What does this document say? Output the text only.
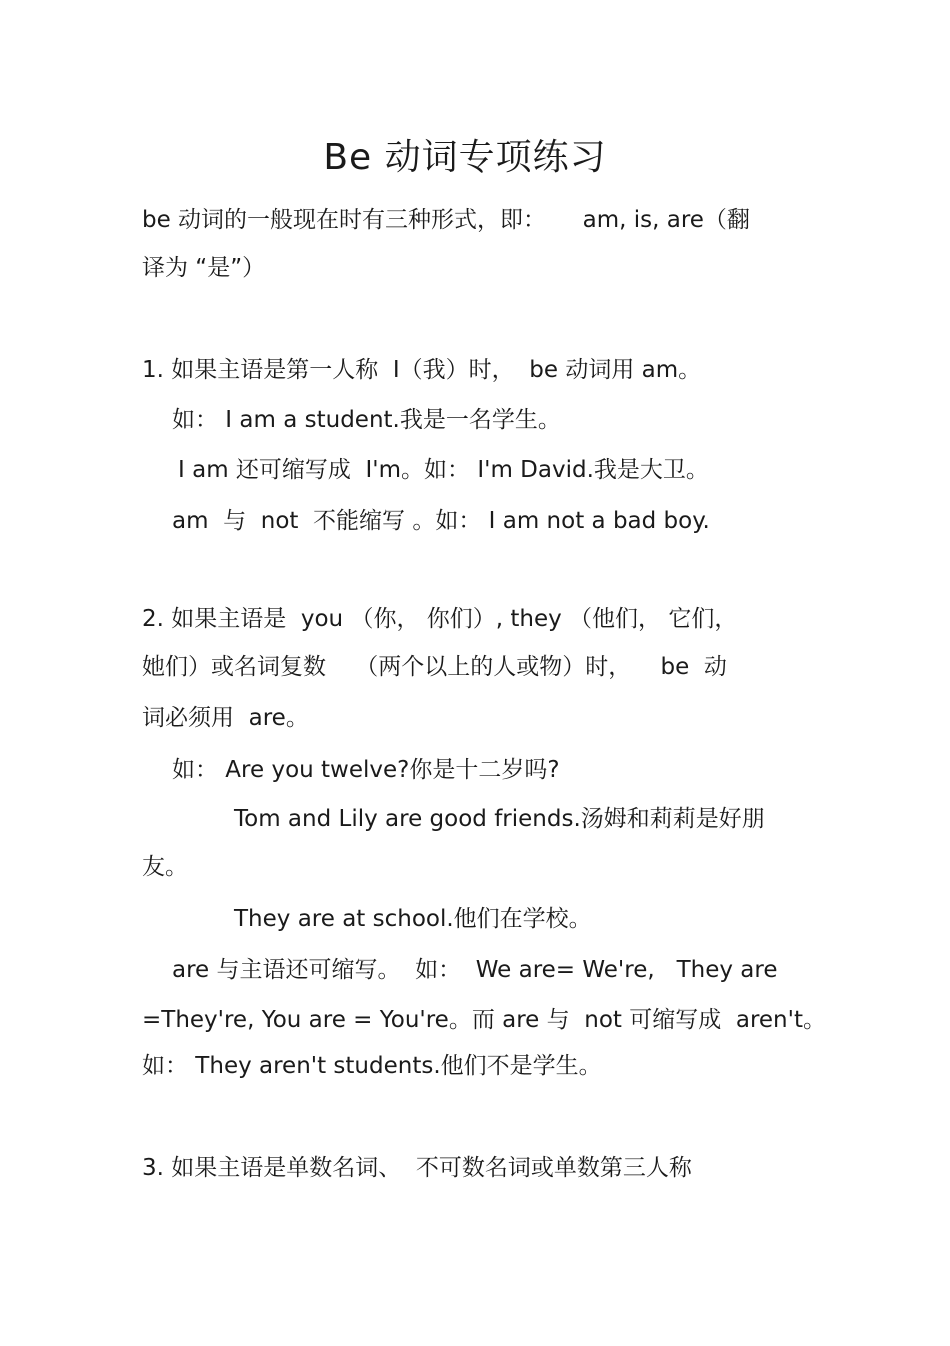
Be 动词专项练习
be 动词的一般现在时有三种形式，即：     am, is, are（翻
译为 “是”）
1. 如果主语是第一人称  I（我）时，  be 动词用 am。
如： I am a student.我是一名学生。
I am 还可缩写成  I'm。如： I'm David.我是大卫。
am  与  not  不能缩写 。如： I am not a bad boy.
2. 如果主语是  you （你， 你们）, they （他们， 它们，
她们）或名词复数    （两个以上的人或物）时，    be  动
词必须用  are。
如： Are you twelve?你是十二岁吗?
Tom and Lily are good friends.汤姆和莉莉是好朋
友。
They are at school.他们在学校。
are 与主语还可缩写。  如：  We are= We're,   They are
=They're, You are = You're。而 are 与  not 可缩写成  aren't。
如： They aren't students.他们不是学生。
3. 如果主语是单数名词、  不可数名词或单数第三人称
